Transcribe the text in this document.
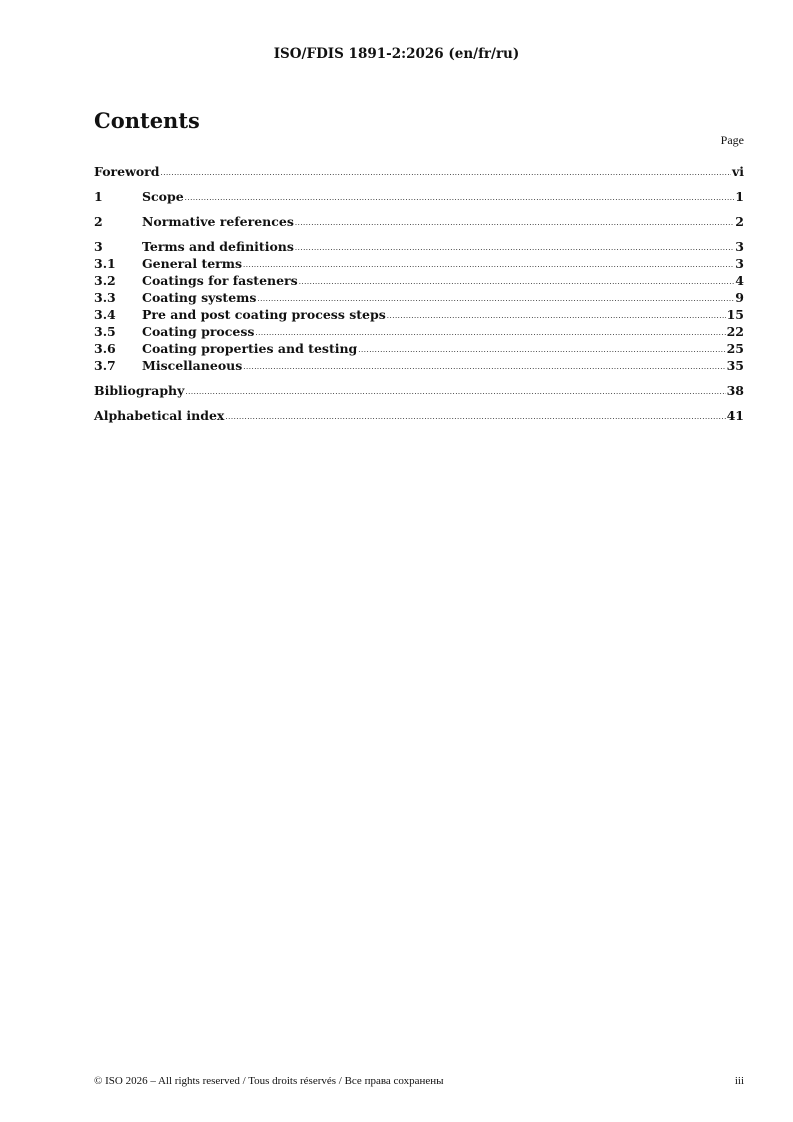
ISO/FDIS 1891-2:2026 (en/fr/ru)
Contents
Page
Foreword .....	vi
1	Scope .....	1
2	Normative references .....	2
3	Terms and definitions .....	3
3.1	General terms .....	3
3.2	Coatings for fasteners .....	4
3.3	Coating systems .....	9
3.4	Pre and post coating process steps .....	15
3.5	Coating process .....	22
3.6	Coating properties and testing .....	25
3.7	Miscellaneous .....	35
Bibliography .....	38
Alphabetical index .....	41
© ISO 2026 – All rights reserved / Tous droits réservés / Все права сохранены	iii
